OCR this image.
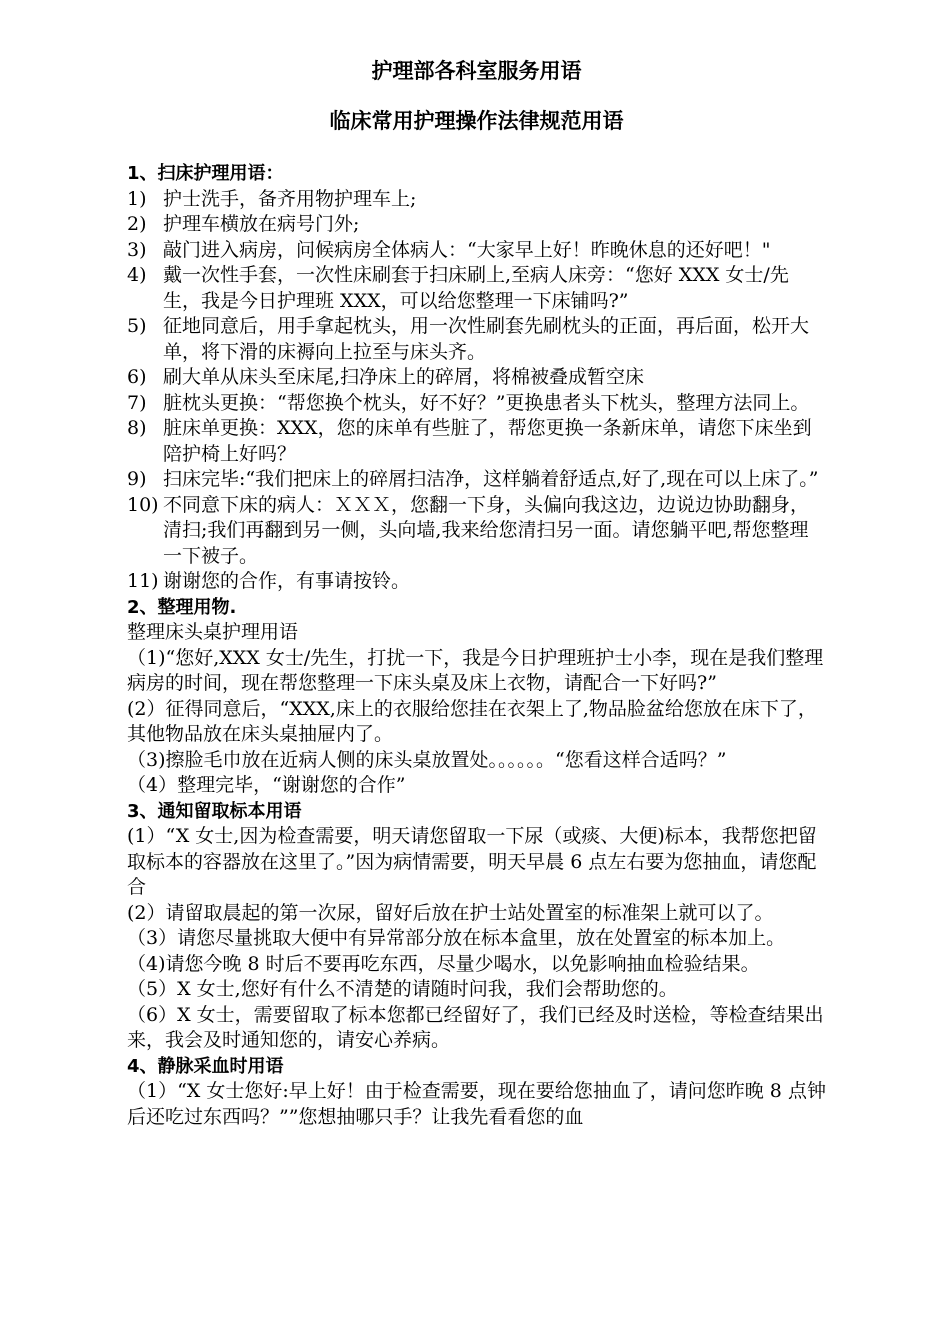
护理部各科室服务用语
临床常用护理操作法律规范用语
1、扫床护理用语：
1) 护士洗手，备齐用物护理车上;
2) 护理车横放在病号门外;
3) 敲门进入病房，问候病房全体病人：“大家早上好！昨晚休息的还好吧！"
4) 戴一次性手套，一次性床刷套于扫床刷上,至病人床旁：“您好 XXX 女士/先生，我是今日护理班 XXX，可以给您整理一下床铺吗?”
5) 征地同意后，用手拿起枕头，用一次性刷套先刷枕头的正面，再后面，松开大单，将下滑的床褥向上拉至与床头齐。
6) 刷大单从床头至床尾,扫净床上的碎屑，将棉被叠成暂空床
7) 脏枕头更换：“帮您换个枕头，好不好？”更换患者头下枕头，整理方法同上。
8) 脏床单更换：XXX，您的床单有些脏了，帮您更换一条新床单，请您下床坐到陪护椅上好吗？
9) 扫床完毕:“我们把床上的碎屑扫洁净，这样躺着舒适点,好了,现在可以上床了。”
10) 不同意下床的病人：ＸＸＸ，您翻一下身，头偏向我这边，边说边协助翻身，清扫;我们再翻到另一侧，头向墙,我来给您清扫另一面。请您躺平吧,帮您整理一下被子。
11) 谢谢您的合作，有事请按铃。
2、整理用物.

整理床头桌护理用语

（1)“您好,XXX 女士/先生，打扰一下，我是今日护理班护士小李，现在是我们整理病房的时间，现在帮您整理一下床头桌及床上衣物，请配合一下好吗?”

(2）征得同意后，“XXX,床上的衣服给您挂在衣架上了,物品脸盆给您放在床下了，其他物品放在床头桌抽屉内了。

（3)擦脸毛巾放在近病人侧的床头桌放置处。。。。。。“您看这样合适吗？”

（4）整理完毕，“谢谢您的合作”

3、通知留取标本用语

(1）“X 女士,因为检查需要，明天请您留取一下尿（或痰、大便)标本，我帮您把留取标本的容器放在这里了。”因为病情需要，明天早晨 6 点左右要为您抽血，请您配合

(2）请留取晨起的第一次尿，留好后放在护士站处置室的标准架上就可以了。

（3）请您尽量挑取大便中有异常部分放在标本盒里，放在处置室的标本加上。

（4)请您今晚 8 时后不要再吃东西，尽量少喝水，以免影响抽血检验结果。

（5）X 女士,您好有什么不清楚的请随时问我，我们会帮助您的。

（6）X 女士，需要留取了标本您都已经留好了，我们已经及时送检，等检查结果出来，我会及时通知您的，请安心养病。

4、静脉采血时用语

（1）“X 女士您好:早上好！由于检查需要，现在要给您抽血了，请问您昨晚 8 点钟后还吃过东西吗？””您想抽哪只手？让我先看看您的血
